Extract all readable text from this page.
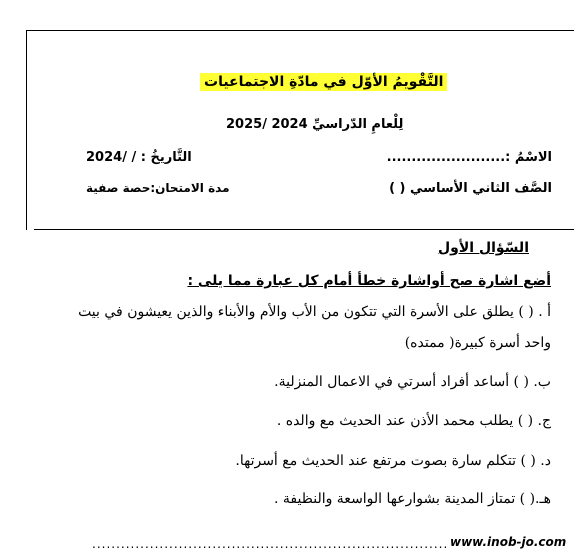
التَّقْويمُ الأوّل في مادّةِ الاجتماعيات
لِلْعامِ الدّراسيِّ 2024 /2025
الاسْمُ :........................
التَّاريخُ : / /2024
الصَّف الثاني الأساسي ( )
مدة الامتحان:حصة صفية
السّؤال الأول
أضع اشارة صح أواشارة خطأ أمام كل عبارة مما يلى :
أ . ( ) يطلق على الأسرة التي تتكون من الأب والأم والأبناء والذين يعيشون في بيت
واحد أسرة كبيرة( ممتده)
ب. ( ) أساعد أفراد أسرتي في الاعمال المنزلية.
ج. ( ) يطلب محمد الأذن عند الحديث مع والده .
د. ( ) تتكلم سارة بصوت مرتفع عند الحديث مع أسرتها.
هـ.( ) تمتاز المدينة بشوارعها الواسعة والنظيفة .
.......................................................................... www.inob-jo.com
